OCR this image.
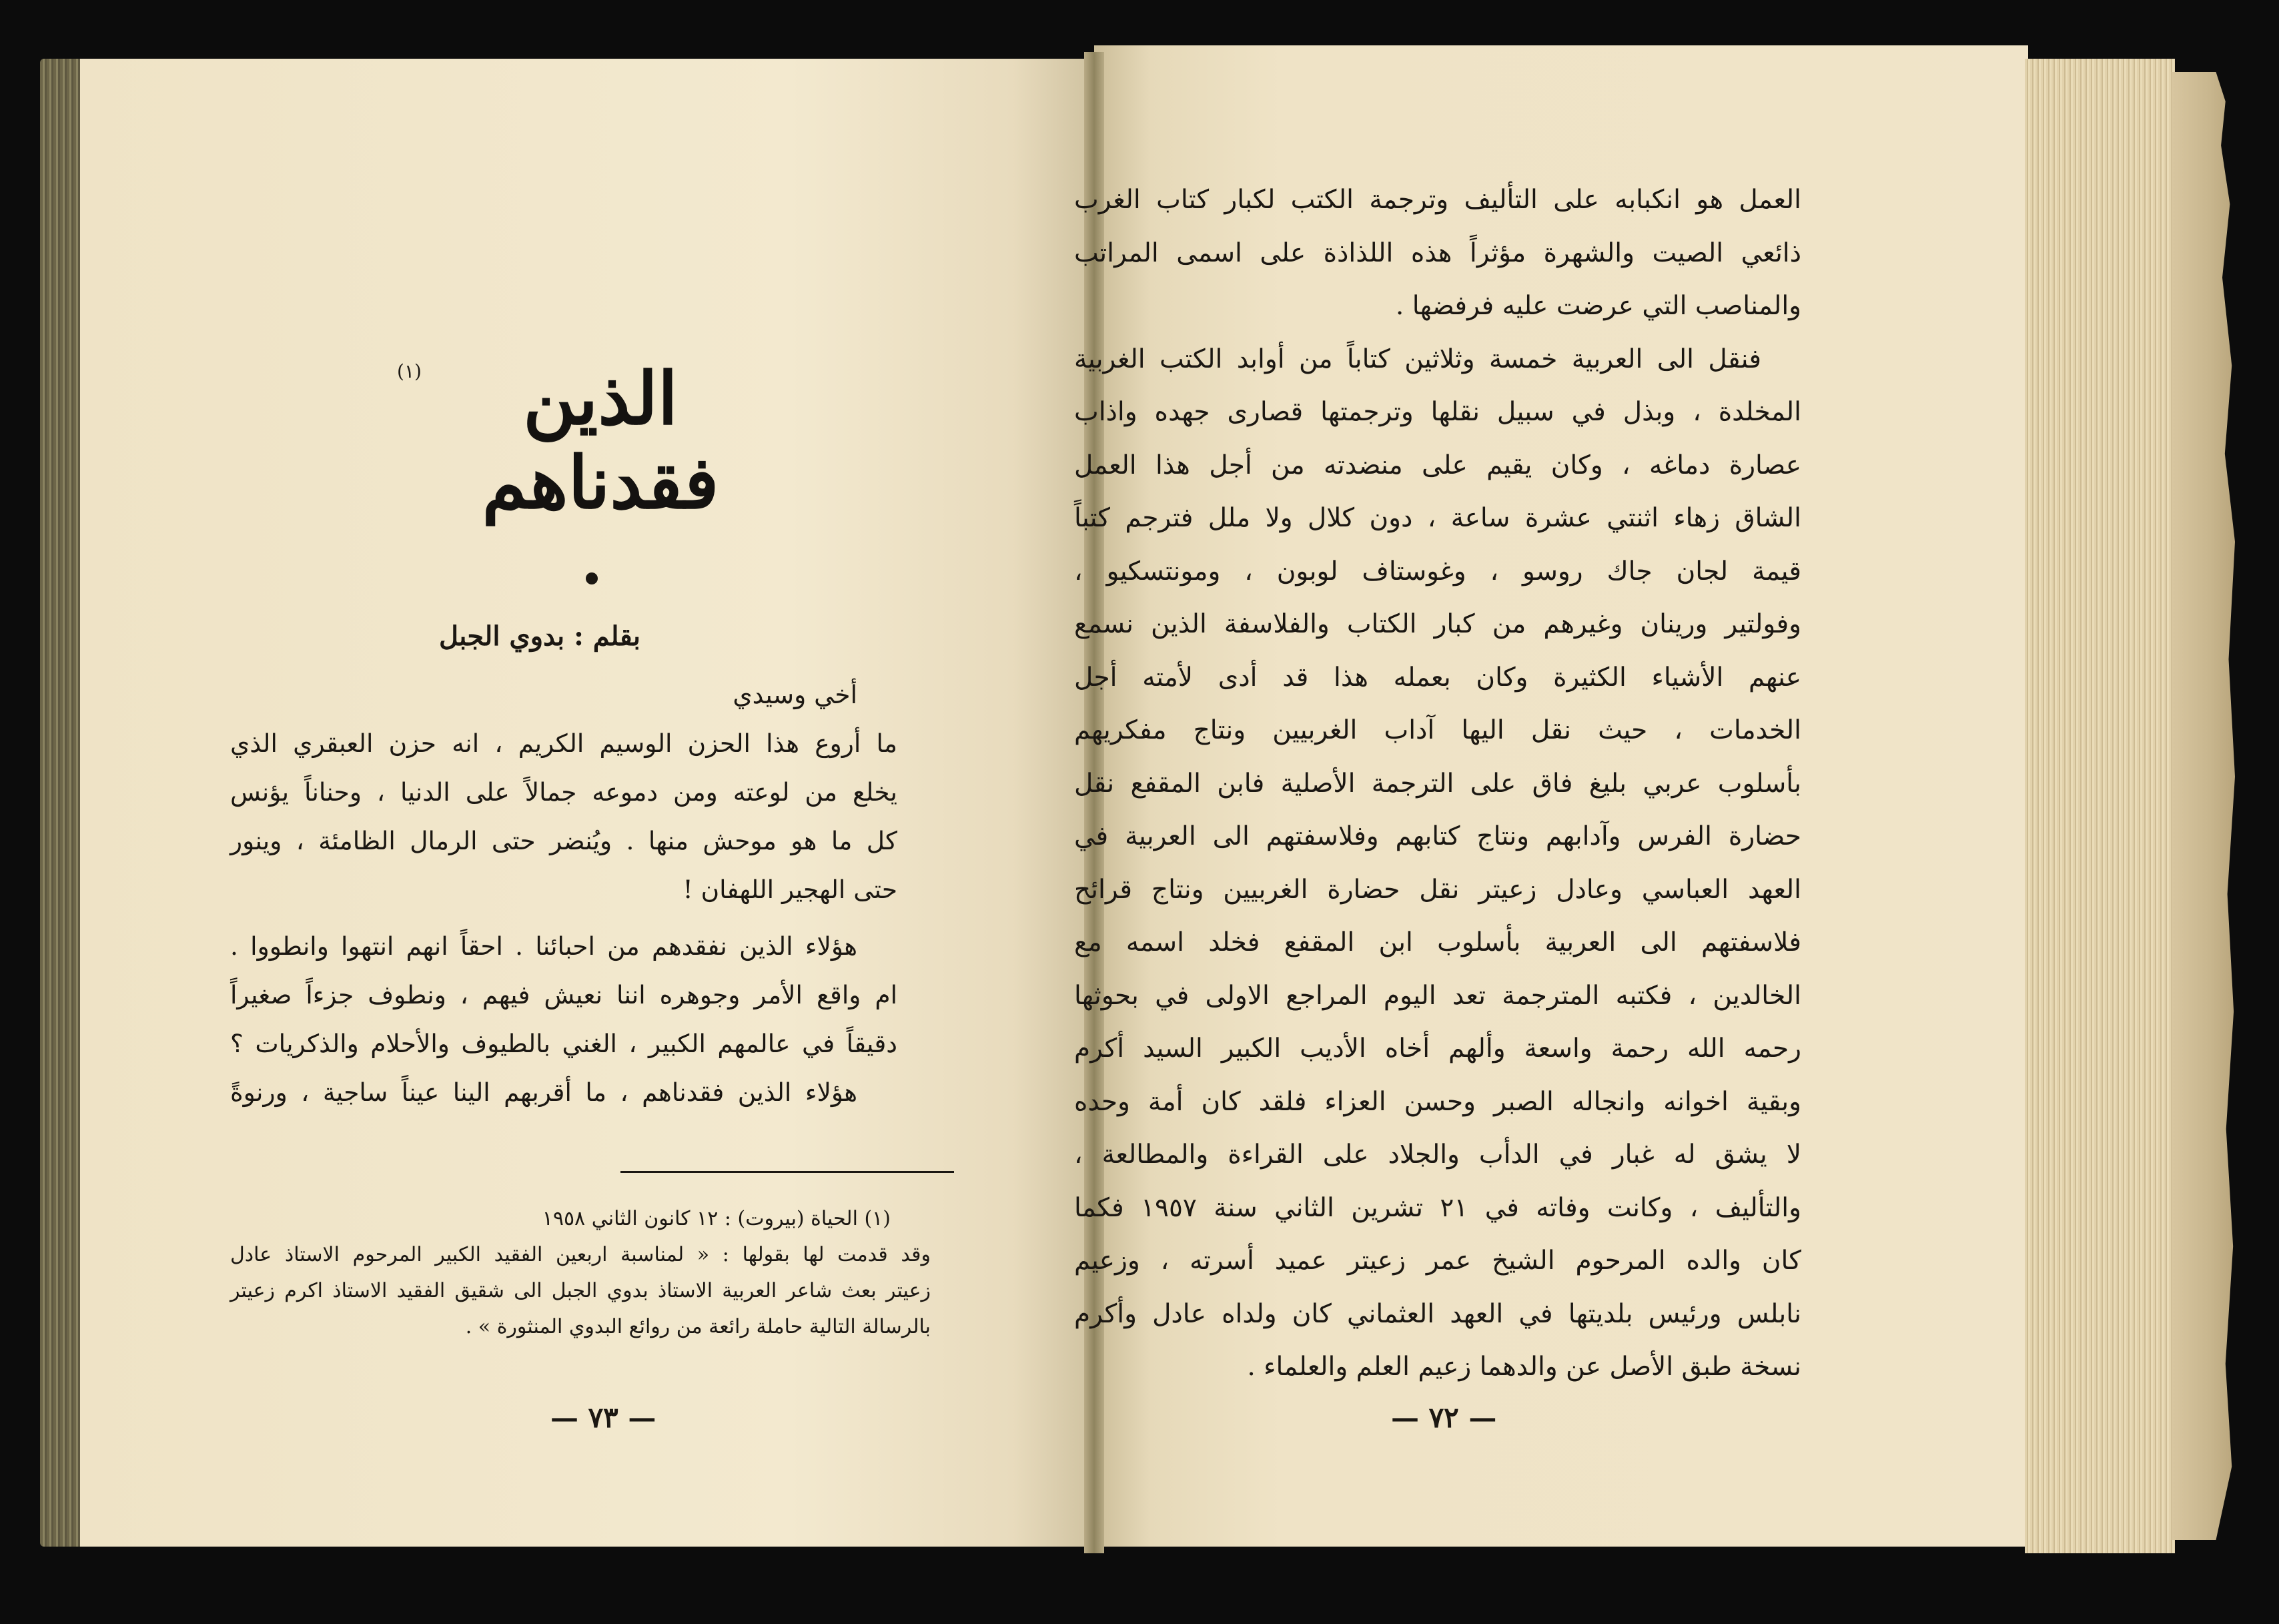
العمل هو انكبابه على التأليف وترجمة الكتب لكبار كتاب الغرب
ذائعي الصيت والشهرة مؤثراً هذه اللذاذة على اسمى المراتب
والمناصب التي عرضت عليه فرفضها .
فنقل الى العربية خمسة وثلاثين كتاباً من أوابد الكتب الغربية
المخلدة ، وبذل في سبيل نقلها وترجمتها قصارى جهده واذاب
عصارة دماغه ، وكان يقيم على منضدته من أجل هذا العمل
الشاق زهاء اثنتي عشرة ساعة ، دون كلال ولا ملل فترجم كتباً
قيمة لجان جاك روسو ، وغوستاف لوبون ، ومونتسكيو ،
وفولتير ورينان وغيرهم من كبار الكتاب والفلاسفة الذين نسمع
عنهم الأشياء الكثيرة وكان بعمله هذا قد أدى لأمته أجل
الخدمات ، حيث نقل اليها آداب الغربيين ونتاج مفكريهم
بأسلوب عربي بليغ فاق على الترجمة الأصلية فابن المقفع نقل
حضارة الفرس وآدابهم ونتاج كتابهم وفلاسفتهم الى العربية في
العهد العباسي وعادل زعيتر نقل حضارة الغربيين ونتاج قرائح
فلاسفتهم الى العربية بأسلوب ابن المقفع فخلد اسمه مع
الخالدين ، فكتبه المترجمة تعد اليوم المراجع الاولى في بحوثها
رحمه الله رحمة واسعة وألهم أخاه الأديب الكبير السيد أكرم
وبقية اخوانه وانجاله الصبر وحسن العزاء فلقد كان أمة وحده
لا يشق له غبار في الدأب والجلاد على القراءة والمطالعة ،
والتأليف ، وكانت وفاته في ٢١ تشرين الثاني سنة ١٩٥٧ فكما
كان والده المرحوم الشيخ عمر زعيتر عميد أسرته ، وزعيم
نابلس ورئيس بلديتها في العهد العثماني كان ولداه عادل وأكرم
نسخة طبق الأصل عن والدهما زعيم العلم والعلماء .
— ٧٢ —
الذين فقدناهم
(١)
بقلم : بدوي الجبل
أخي وسيدي
ما أروع هذا الحزن الوسيم الكريم ، انه حزن العبقري الذي
يخلع من لوعته ومن دموعه جمالاً على الدنيا ، وحناناً يؤنس
كل ما هو موحش منها . ويُنضر حتى الرمال الظامئة ، وينور
حتى الهجير اللهفان !
هؤلاء الذين نفقدهم من احبائنا . احقاً انهم انتهوا وانطووا .
ام واقع الأمر وجوهره اننا نعيش فيهم ، ونطوف جزءاً صغيراً
دقيقاً في عالمهم الكبير ، الغني بالطيوف والأحلام والذكريات ؟
هؤلاء الذين فقدناهم ، ما أقربهم الينا عيناً ساجية ، ورنوةً
(١) الحياة (بيروت) : ١٢ كانون الثاني ١٩٥٨
وقد قدمت لها بقولها : « لمناسبة اربعين الفقيد الكبير المرحوم الاستاذ عادل
زعيتر بعث شاعر العربية الاستاذ بدوي الجبل الى شقيق الفقيد الاستاذ اكرم زعيتر
بالرسالة التالية حاملة رائعة من روائع البدوي المنثورة » .
— ٧٣ —
